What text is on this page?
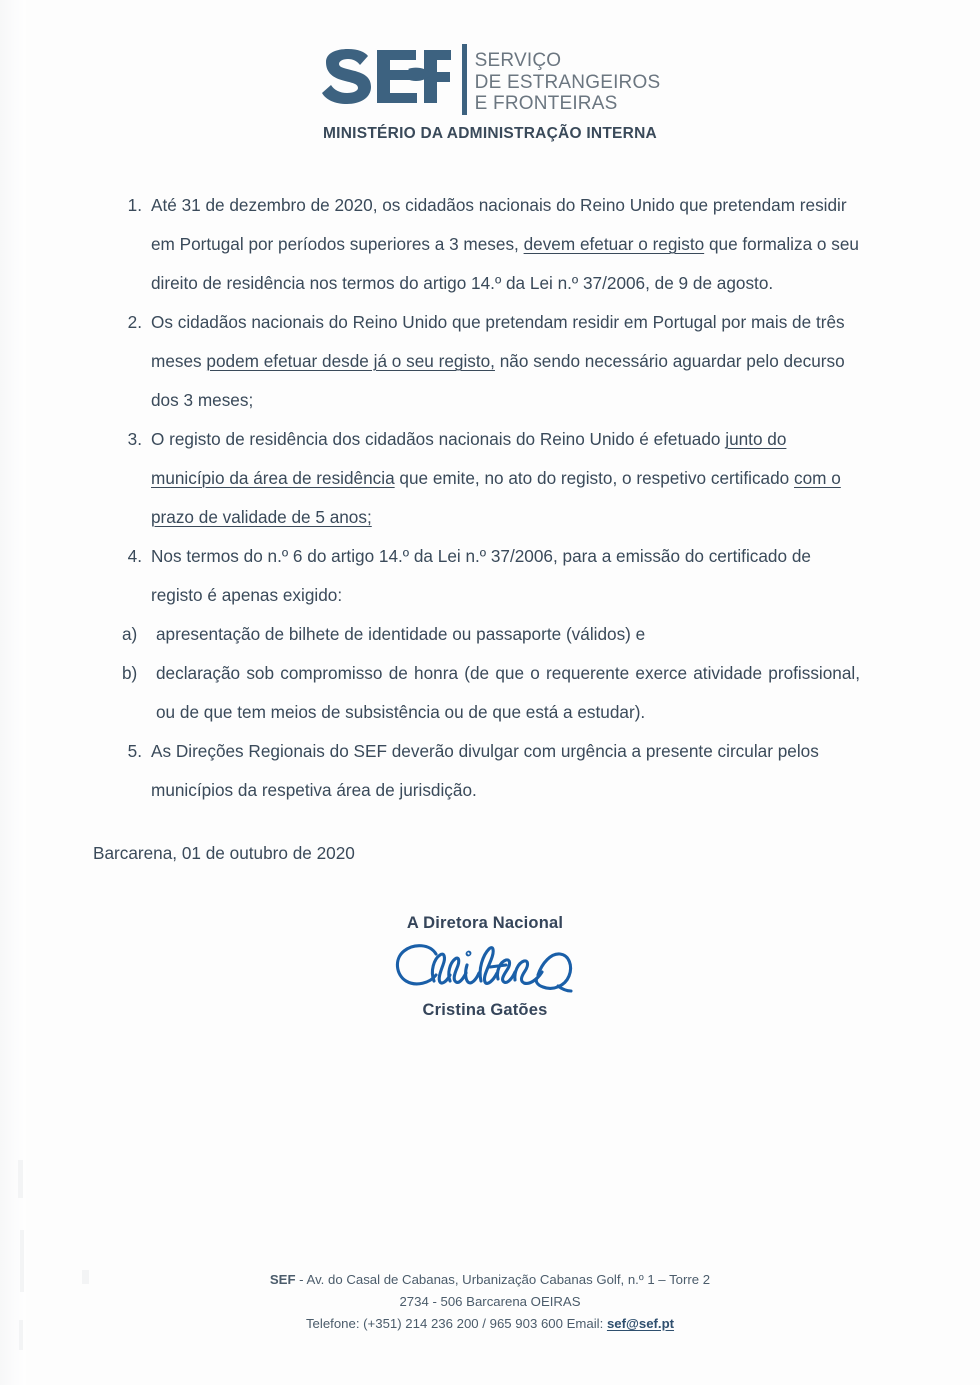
SERVIÇO
DE ESTRANGEIROS
E FRONTEIRAS
MINISTÉRIO DA ADMINISTRAÇÃO INTERNA
1. Até 31 de dezembro de 2020, os cidadãos nacionais do Reino Unido que pretendam residir em Portugal por períodos superiores a 3 meses, devem efetuar o registo que formaliza o seu direito de residência nos termos do artigo 14.º da Lei n.º 37/2006, de 9 de agosto.
2. Os cidadãos nacionais do Reino Unido que pretendam residir em Portugal por mais de três meses podem efetuar desde já o seu registo, não sendo necessário aguardar pelo decurso dos 3 meses;
3. O registo de residência dos cidadãos nacionais do Reino Unido é efetuado junto do município da área de residência que emite, no ato do registo, o respetivo certificado com o prazo de validade de 5 anos;
4. Nos termos do n.º 6 do artigo 14.º da Lei n.º 37/2006, para a emissão do certificado de registo é apenas exigido:
a)	apresentação de bilhete de identidade ou passaporte (válidos) e
b)	declaração sob compromisso de honra (de que o requerente exerce atividade profissional, ou de que tem meios de subsistência ou de que está a estudar).
5. As Direções Regionais do SEF deverão divulgar com urgência a presente circular pelos municípios da respetiva área de jurisdição.
Barcarena, 01 de outubro de 2020
A Diretora Nacional
Cristina Gatões
SEF - Av. do Casal de Cabanas, Urbanização Cabanas Golf, n.º 1 – Torre 2
2734 - 506 Barcarena OEIRAS
Telefone: (+351) 214 236 200 / 965 903 600 Email: sef@sef.pt
